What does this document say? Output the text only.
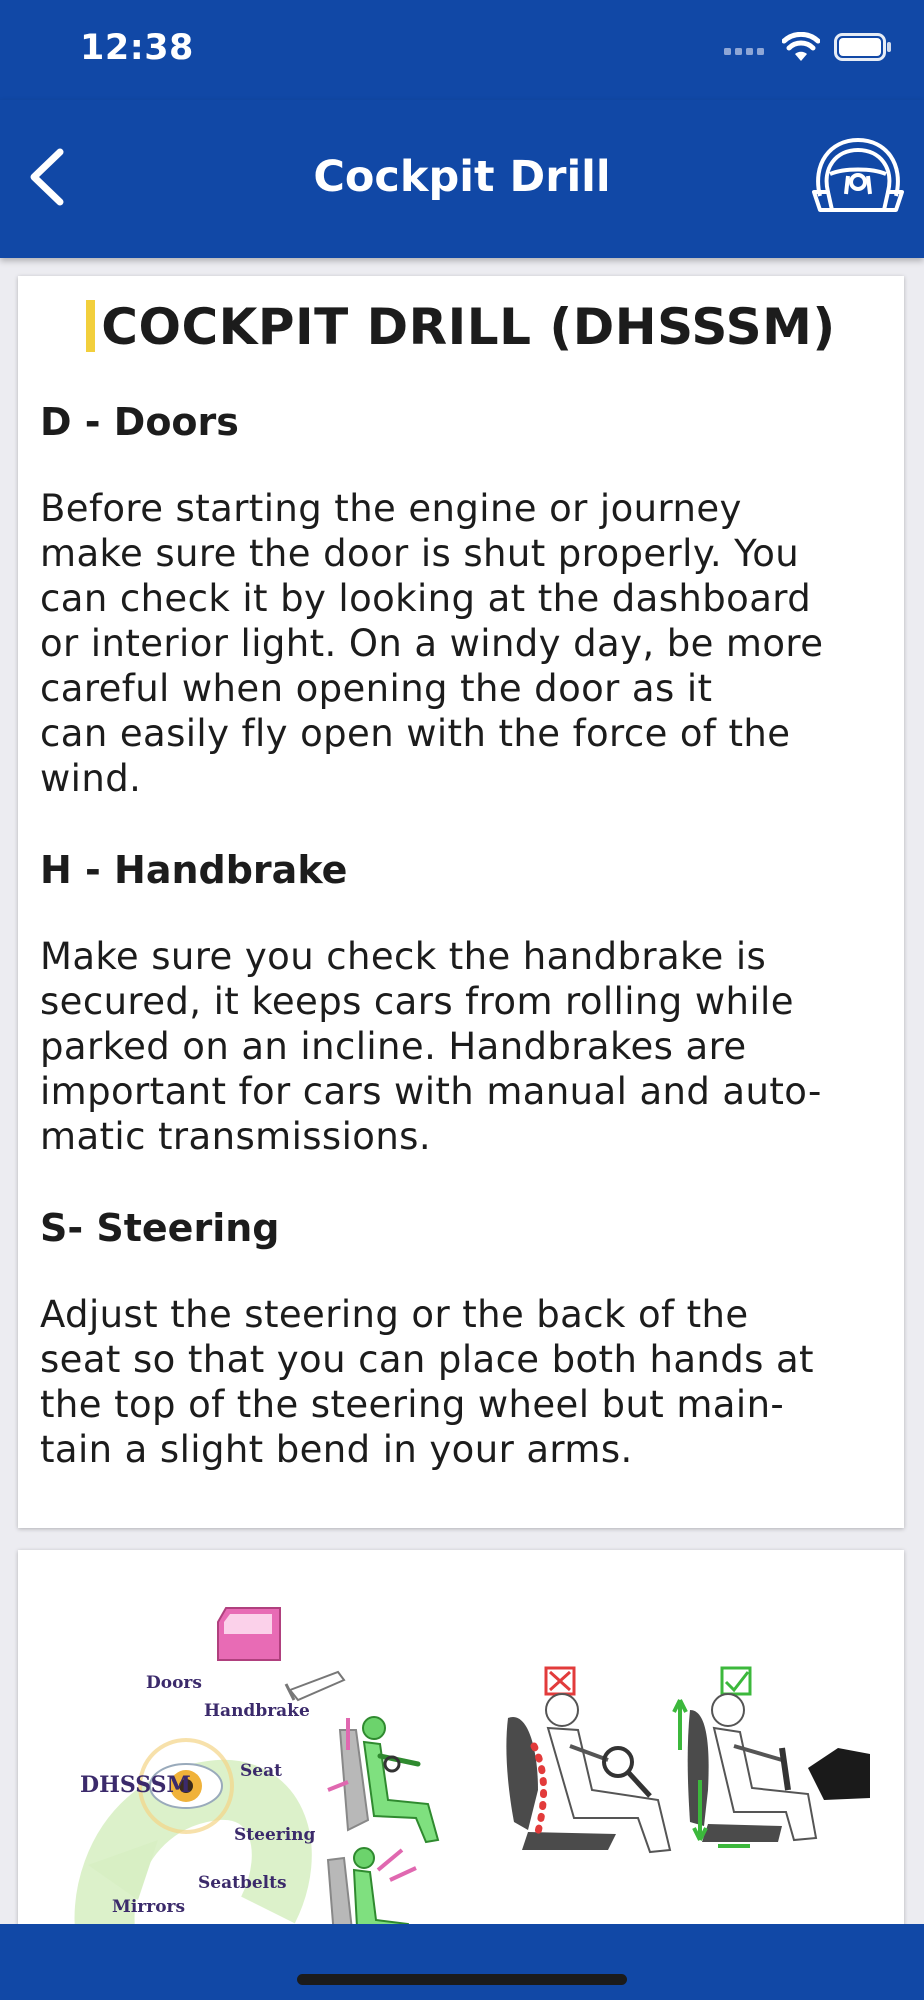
12:38
Cockpit Drill
COCKPIT DRILL (DHSSSM)
D - Doors
Before starting the engine or journey
make sure the door is shut properly. You
can check it by looking at the dashboard
or interior light. On a windy day, be more
careful when opening the door as it
can easily fly open with the force of the
wind.
H - Handbrake
Make sure you check the handbrake is
secured, it keeps cars from rolling while
parked on an incline. Handbrakes are
important for cars with manual and auto-
matic transmissions.
S- Steering
Adjust the steering or the back of the
seat so that you can place both hands at
the top of the steering wheel but main-
tain a slight bend in your arms.
DHSSSM
Doors
Handbrake
Seat
Steering
Seatbelts
Mirrors
